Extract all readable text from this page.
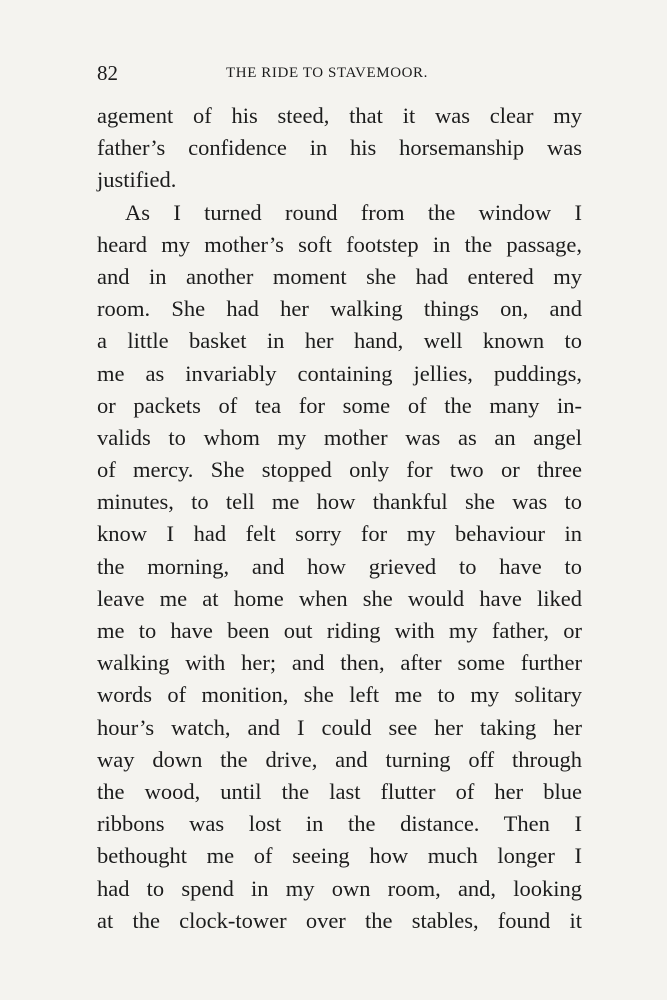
82	THE RIDE TO STAVEMOOR.
agement of his steed, that it was clear my
father’s confidence in his horsemanship was
justified.
As I turned round from the window I
heard my mother’s soft footstep in the passage,
and in another moment she had entered my
room. She had her walking things on, and
a little basket in her hand, well known to
me as invariably containing jellies, puddings,
or packets of tea for some of the many in-
valids to whom my mother was as an angel
of mercy. She stopped only for two or three
minutes, to tell me how thankful she was to
know I had felt sorry for my behaviour in
the morning, and how grieved to have to
leave me at home when she would have liked
me to have been out riding with my father, or
walking with her; and then, after some further
words of monition, she left me to my solitary
hour’s watch, and I could see her taking her
way down the drive, and turning off through
the wood, until the last flutter of her blue
ribbons was lost in the distance. Then I
bethought me of seeing how much longer I
had to spend in my own room, and, looking
at the clock-tower over the stables, found it
